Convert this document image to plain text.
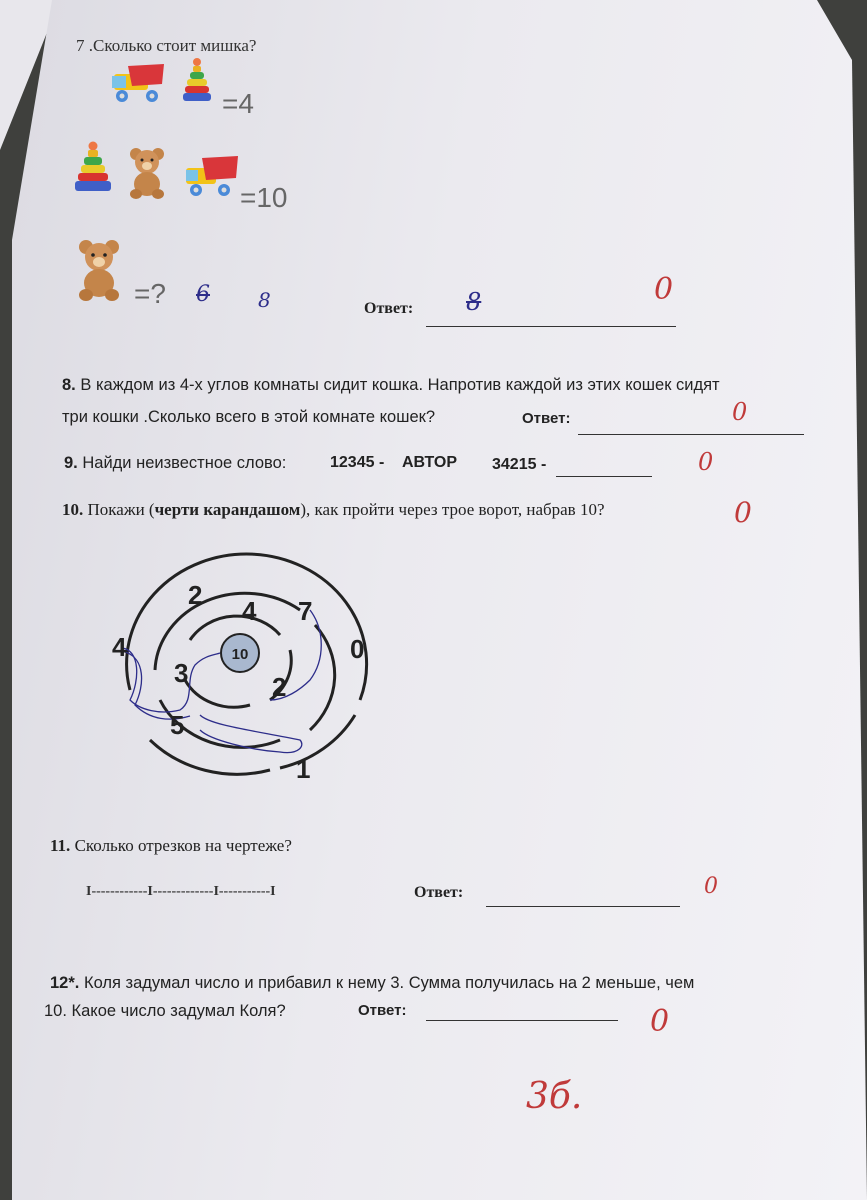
7 .Сколько стоит мишка?
=4
=10
=? 6 8	Ответ: 8	0
8. В каждом из 4-х углов комнаты сидит кошка. Напротив каждой из этих кошек сидят
три кошки .Сколько всего в этой комнате кошек?	Ответ:	0
9. Найди неизвестное слово:	12345 - АВТОР 34215 -	0
10. Покажи (черти карандашом), как пройти через трое ворот, набрав 10?	0
10
2
4 7
4	0
3	2
5
1
11. Сколько отрезков на чертеже?
I------------I-------------I-----------I	Ответ:	0
12*. Коля задумал число и прибавил к нему 3. Сумма получилась на 2 меньше, чем
10. Какое число задумал Коля?	Ответ:	0
3б.
